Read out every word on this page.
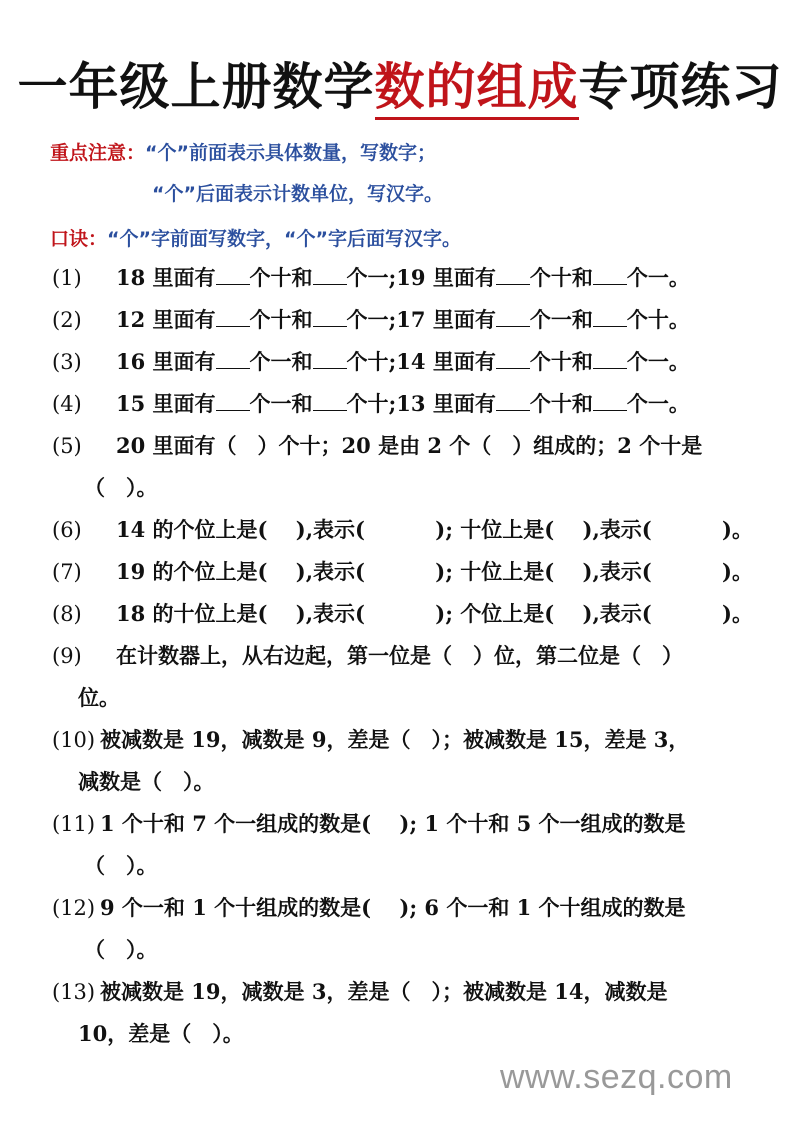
一年级上册数学数的组成专项练习
重点注意：“个”前面表示具体数量，写数字；
“个”后面表示计数单位，写汉字。
口诀：“个”字前面写数字，“个”字后面写汉字。
(1) 18 里面有 个十和 个一;19 里面有 个十和 个一。
(2) 12 里面有 个十和 个一;17 里面有 个一和 个十。
(3) 16 里面有 个一和 个十;14 里面有 个十和 个一。
(4) 15 里面有 个一和 个十;13 里面有 个十和 个一。
(5) 20 里面有（　）个十；20 是由 2 个（　）组成的；2 个十是
（　）。
(6) 14 的个位上是(　 ),表示(　　　 ); 十位上是(　 ),表示(　　　 )。
(7) 19 的个位上是(　 ),表示(　　　 ); 十位上是(　 ),表示(　　　 )。
(8) 18 的十位上是(　 ),表示(　　　 ); 个位上是(　 ),表示(　　　 )。
(9) 在计数器上，从右边起，第一位是（　）位，第二位是（　）
位。
(10) 被减数是 19，减数是 9，差是（　）；被减数是 15，差是 3，
减数是（　）。
(11) 1 个十和 7 个一组成的数是(　 ); 1 个十和 5 个一组成的数是
（　）。
(12) 9 个一和 1 个十组成的数是(　 ); 6 个一和 1 个十组成的数是
（　）。
(13) 被减数是 19，减数是 3，差是（　）；被减数是 14，减数是
10，差是（　）。
www.sezq.com
